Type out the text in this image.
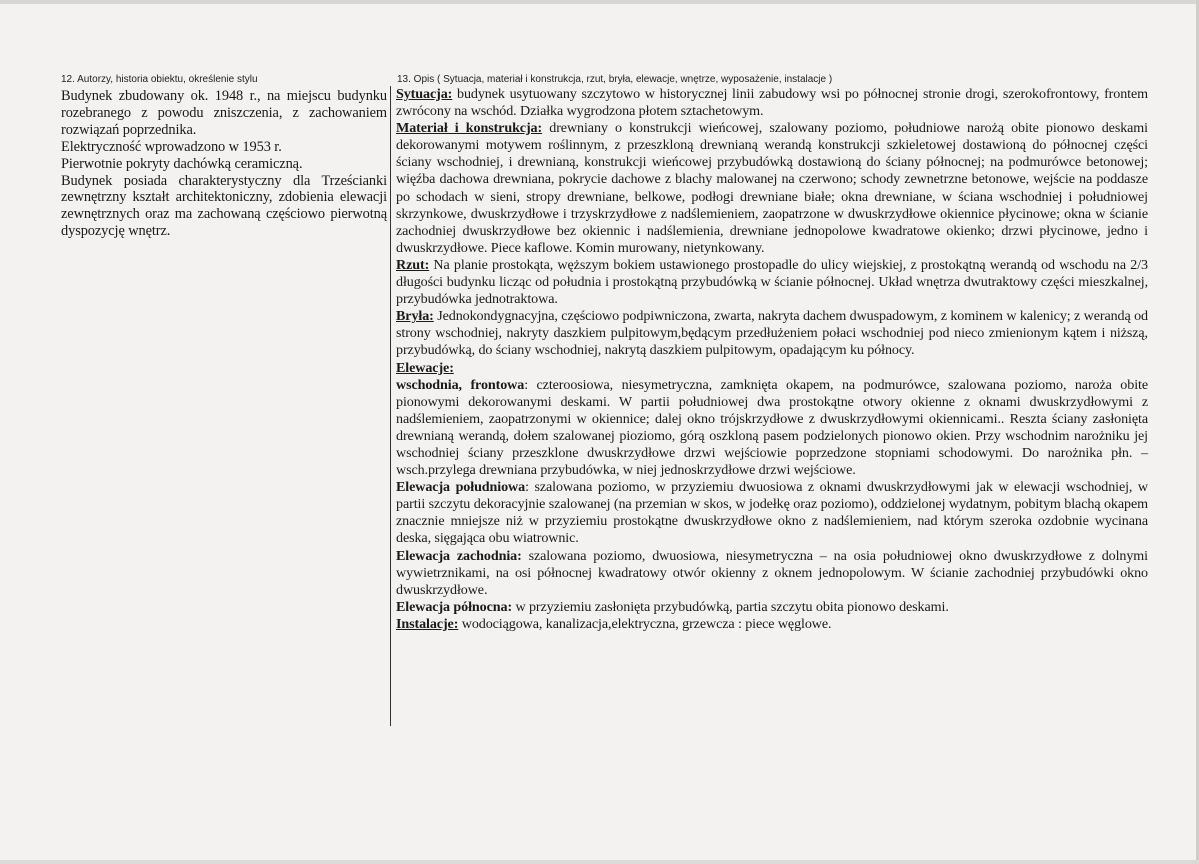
12. Autorzy, historia obiektu, określenie stylu	13. Opis ( Sytuacja, materiał i konstrukcja, rzut, bryła, elewacje, wnętrze, wyposażenie, instalacje )

Budynek zbudowany ok. 1948 r., na miejscu budynku rozebranego z powodu zniszczenia, z zachowaniem rozwiązań poprzednika.

Elektryczność wprowadzono w 1953 r.

Pierwotnie pokryty dachówką ceramiczną.

Budynek posiada charakterystyczny dla Trześcianki zewnętrzny kształt architektoniczny, zdobienia elewacji zewnętrznych oraz ma zachowaną częściowo pierwotną dyspozycję wnętrz.

Sytuacja: budynek usytuowany szczytowo w historycznej linii zabudowy wsi po północnej stronie drogi, szerokofrontowy, frontem zwrócony na wschód. Działka wygrodzona płotem sztachetowym.

Materiał i konstrukcja: drewniany o konstrukcji wieńcowej, szalowany poziomo, południowe narożą obite pionowo deskami dekorowanymi motywem roślinnym, z przeszkloną drewnianą werandą konstrukcji szkieletowej dostawioną do północnej części ściany wschodniej, i drewnianą, konstrukcji wieńcowej przybudówką dostawioną do ściany północnej; na podmurówce betonowej; więźba dachowa drewniana, pokrycie dachowe z blachy malowanej na czerwono; schody zewnetrzne betonowe, wejście na poddasze po schodach w sieni, stropy drewniane, belkowe, podłogi drewniane białe; okna drewniane, w ściana wschodniej i południowej skrzynkowe, dwuskrzydłowe i trzyskrzydłowe z nadślemieniem, zaopatrzone w dwuskrzydłowe okiennice płycinowe; okna w ścianie zachodniej dwuskrzydłowe bez okiennic i nadślemienia, drewniane jednopolowe kwadratowe okienko; drzwi płycinowe, jedno i dwuskrzydłowe. Piece kaflowe. Komin murowany, nietynkowany.

Rzut: Na planie prostokąta, węższym bokiem ustawionego prostopadle do ulicy wiejskiej, z prostokątną werandą od wschodu na 2/3 długości budynku licząc od południa i prostokątną przybudówką w ścianie północnej. Układ wnętrza dwutraktowy części mieszkalnej, przybudówka jednotraktowa.

Bryła: Jednokondygnacyjna, częściowo podpiwniczona, zwarta, nakryta dachem dwuspadowym, z kominem w kalenicy; z werandą od strony wschodniej, nakryty daszkiem pulpitowym,będącym przedłużeniem połaci wschodniej pod nieco zmienionym kątem i niższą, przybudówką, do ściany wschodniej, nakrytą daszkiem pulpitowym, opadającym ku północy.

Elewacje:

wschodnia, frontowa: czteroosiowa, niesymetryczna, zamknięta okapem, na podmurówce, szalowana poziomo, naroża obite pionowymi dekorowanymi deskami. W partii południowej dwa prostokątne otwory okienne z oknami dwuskrzydłowymi z nadślemieniem, zaopatrzonymi w okiennice; dalej okno trójskrzydłowe z dwuskrzydłowymi okiennicami.. Reszta ściany zasłonięta drewnianą werandą, dołem szalowanej pioziomo, górą oszkloną pasem podzielonych pionowo okien. Przy wschodnim narożniku jej wschodniej ściany przeszklone dwuskrzydłowe drzwi wejściowie poprzedzone stopniami schodowymi. Do narożnika płn. – wsch.przylega drewniana przybudówka, w niej jednoskrzydłowe drzwi wejściowe.

Elewacja południowa: szalowana poziomo, w przyziemiu dwuosiowa z oknami dwuskrzydłowymi jak w elewacji wschodniej, w partii szczytu dekoracyjnie szalowanej (na przemian w skos, w jodełkę oraz poziomo), oddzielonej wydatnym, pobitym blachą okapem znacznie mniejsze niż w przyziemiu prostokątne dwuskrzydłowe okno z nadślemieniem, nad którym szeroka ozdobnie wycinana deska, sięgająca obu wiatrownic.

Elewacja zachodnia: szalowana poziomo, dwuosiowa, niesymetryczna – na osia południowej okno dwuskrzydłowe z dolnymi wywietrznikami, na osi północnej kwadratowy otwór okienny z oknem jednopolowym. W ścianie zachodniej przybudówki okno dwuskrzydłowe.

Elewacja północna: w przyziemiu zasłonięta przybudówką, partia szczytu obita pionowo deskami.

Instalacje: wodociągowa, kanalizacja,elektryczna, grzewcza : piece węglowe.
